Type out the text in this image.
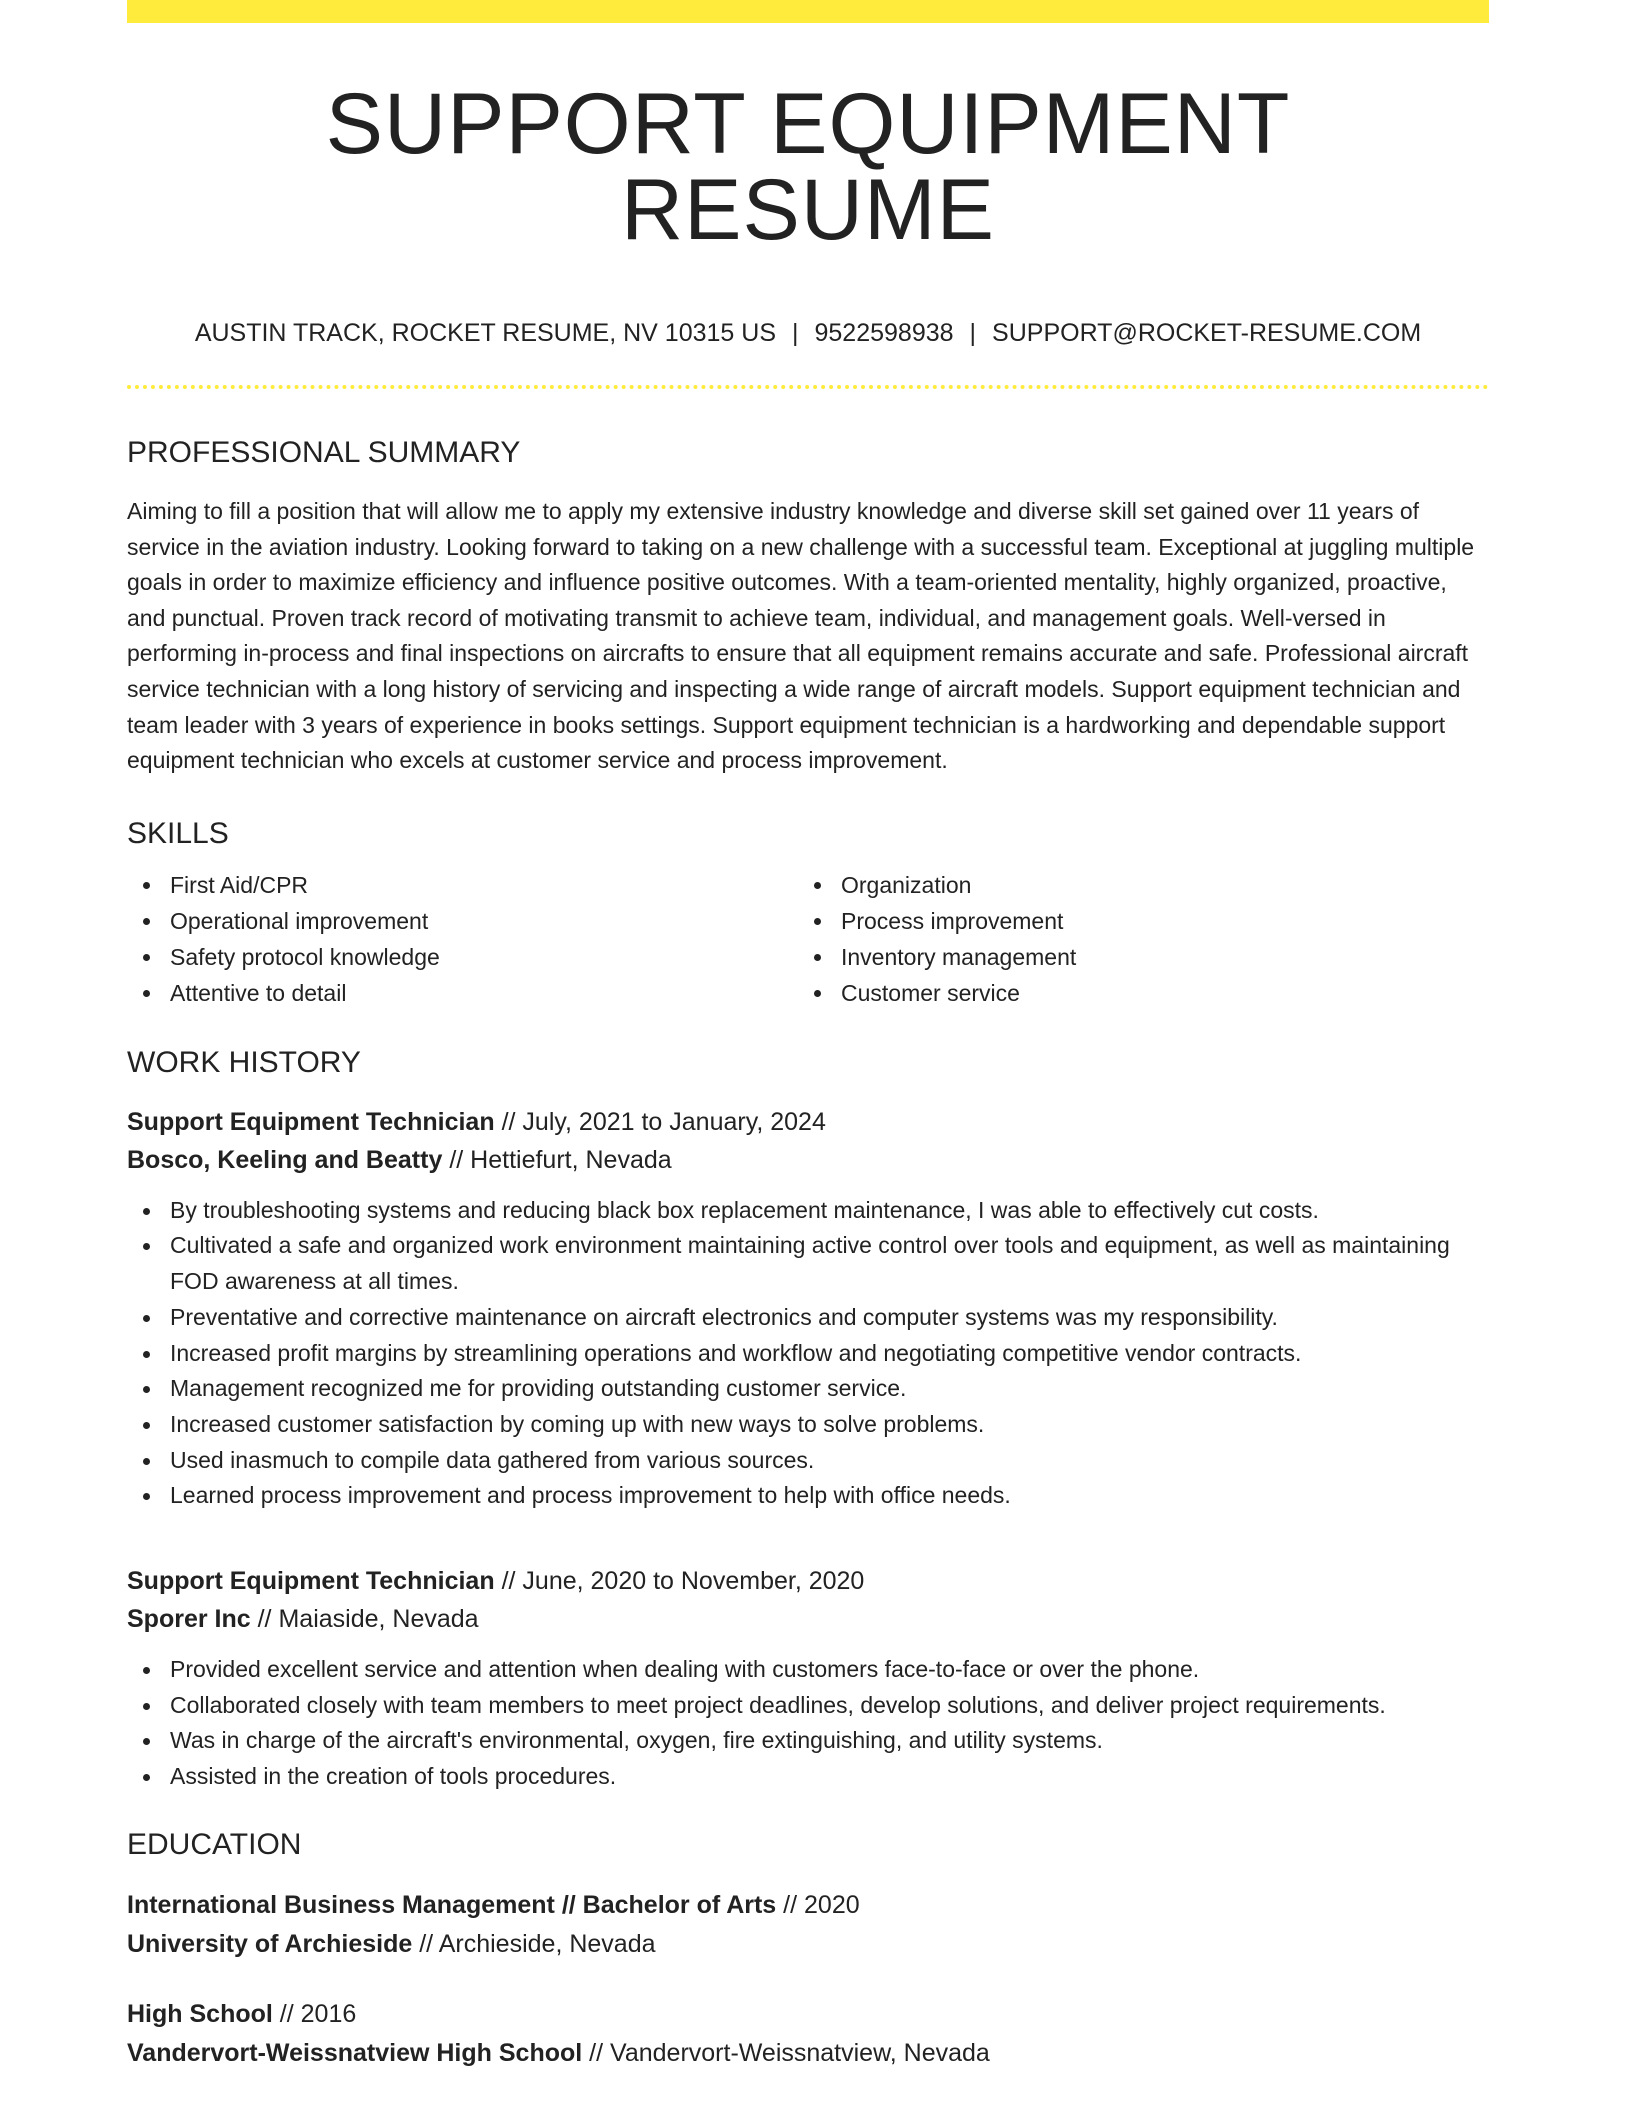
SUPPORT EQUIPMENT RESUME
AUSTIN TRACK, ROCKET RESUME, NV 10315 US | 9522598938 | SUPPORT@ROCKET-RESUME.COM
PROFESSIONAL SUMMARY

Aiming to fill a position that will allow me to apply my extensive industry knowledge and diverse skill set gained over 11 years of service in the aviation industry. Looking forward to taking on a new challenge with a successful team. Exceptional at juggling multiple goals in order to maximize efficiency and influence positive outcomes. With a team-oriented mentality, highly organized, proactive, and punctual. Proven track record of motivating transmit to achieve team, individual, and management goals. Well-versed in performing in-process and final inspections on aircrafts to ensure that all equipment remains accurate and safe. Professional aircraft service technician with a long history of servicing and inspecting a wide range of aircraft models. Support equipment technician and team leader with 3 years of experience in books settings. Support equipment technician is a hardworking and dependable support equipment technician who excels at customer service and process improvement.

SKILLS
First Aid/CPR
Operational improvement
Safety protocol knowledge
Attentive to detail
Organization
Process improvement
Inventory management
Customer service
WORK HISTORY
Support Equipment Technician // July, 2021 to January, 2024
Bosco, Keeling and Beatty // Hettiefurt, Nevada
By troubleshooting systems and reducing black box replacement maintenance, I was able to effectively cut costs.
Cultivated a safe and organized work environment maintaining active control over tools and equipment, as well as maintaining FOD awareness at all times.
Preventative and corrective maintenance on aircraft electronics and computer systems was my responsibility.
Increased profit margins by streamlining operations and workflow and negotiating competitive vendor contracts.
Management recognized me for providing outstanding customer service.
Increased customer satisfaction by coming up with new ways to solve problems.
Used inasmuch to compile data gathered from various sources.
Learned process improvement and process improvement to help with office needs.
Support Equipment Technician // June, 2020 to November, 2020
Sporer Inc // Maiaside, Nevada
Provided excellent service and attention when dealing with customers face-to-face or over the phone.
Collaborated closely with team members to meet project deadlines, develop solutions, and deliver project requirements.
Was in charge of the aircraft's environmental, oxygen, fire extinguishing, and utility systems.
Assisted in the creation of tools procedures.
EDUCATION
International Business Management // Bachelor of Arts // 2020
University of Archieside // Archieside, Nevada
High School // 2016
Vandervort-Weissnatview High School // Vandervort-Weissnatview, Nevada
